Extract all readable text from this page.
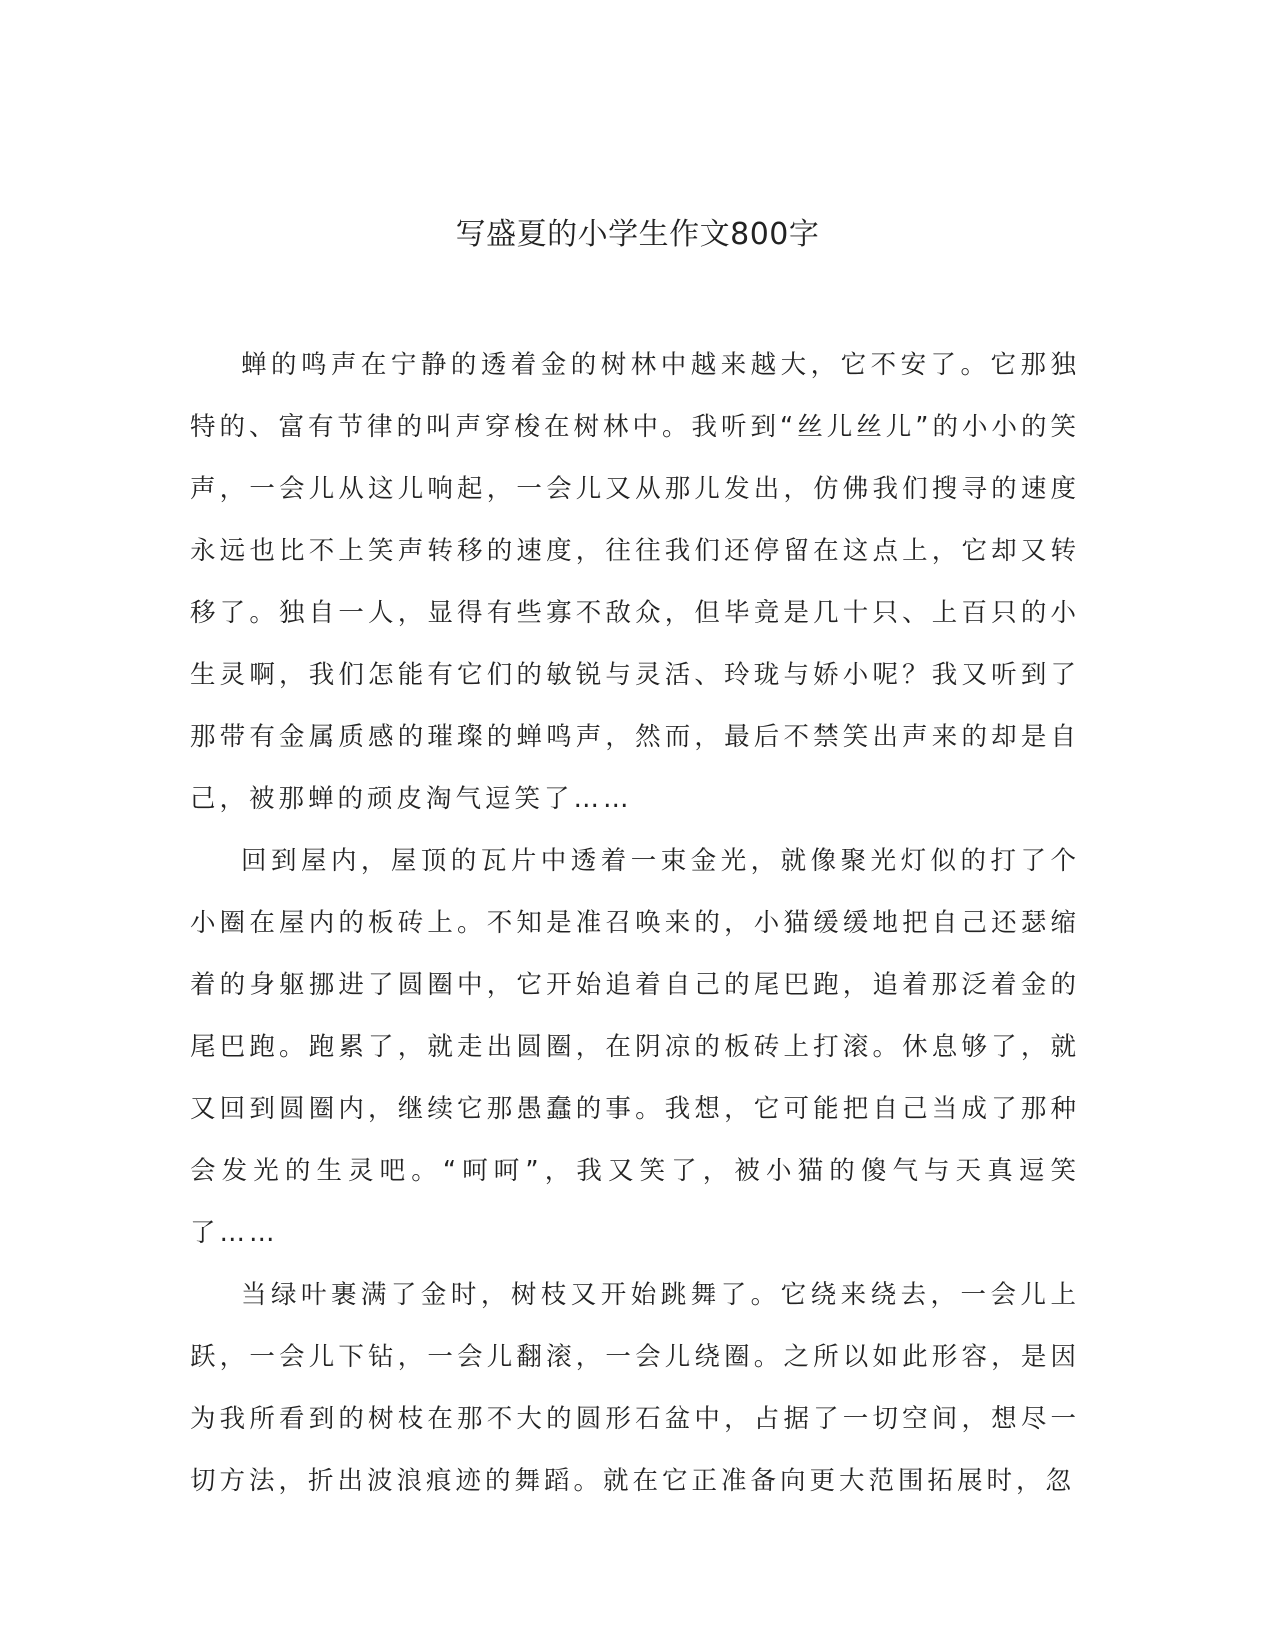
写盛夏的小学生作文800字

蝉的鸣声在宁静的透着金的树林中越来越大，它不安了。它那独特的、富有节律的叫声穿梭在树林中。我听到“丝儿丝儿”的小小的笑声，一会儿从这儿响起，一会儿又从那儿发出，仿佛我们搜寻的速度永远也比不上笑声转移的速度，往往我们还停留在这点上，它却又转移了。独自一人，显得有些寡不敌众，但毕竟是几十只、上百只的小生灵啊，我们怎能有它们的敏锐与灵活、玲珑与娇小呢？我又听到了那带有金属质感的璀璨的蝉鸣声，然而，最后不禁笑出声来的却是自己，被那蝉的顽皮淘气逗笑了……

回到屋内，屋顶的瓦片中透着一束金光，就像聚光灯似的打了个小圈在屋内的板砖上。不知是准召唤来的，小猫缓缓地把自己还瑟缩着的身躯挪进了圆圈中，它开始追着自己的尾巴跑，追着那泛着金的尾巴跑。跑累了，就走出圆圈，在阴凉的板砖上打滚。休息够了，就又回到圆圈内，继续它那愚蠢的事。我想，它可能把自己当成了那种会发光的生灵吧。“呵呵”，我又笑了，被小猫的傻气与天真逗笑了……

当绿叶裹满了金时，树枝又开始跳舞了。它绕来绕去，一会儿上跃，一会儿下钻，一会儿翻滚，一会儿绕圈。之所以如此形容，是因为我所看到的树枝在那不大的圆形石盆中，占据了一切空间，想尽一切方法，折出波浪痕迹的舞蹈。就在它正准备向更大范围拓展时，忽
